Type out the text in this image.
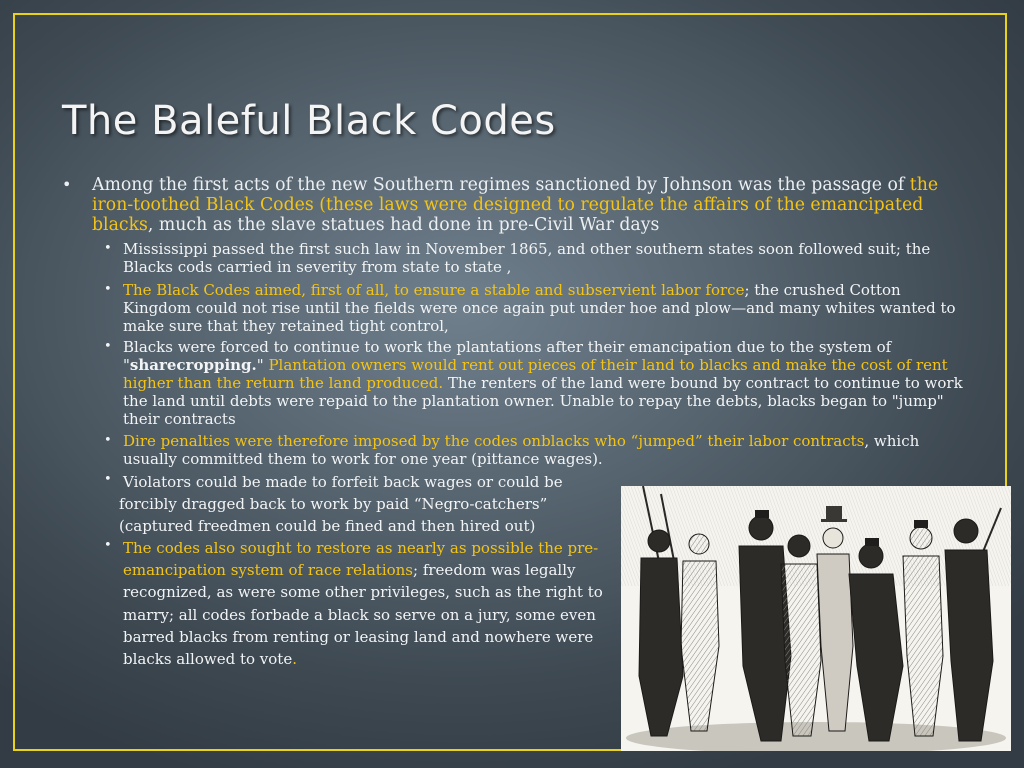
The Baleful Black Codes
•	Among the first acts of the new Southern regimes sanctioned by Johnson was the passage of the iron-toothed Black Codes (these laws were designed to regulate the affairs of the emancipated blacks, much as the slave statues had done in pre-Civil War days
• Mississippi passed the first such law in November 1865, and other southern states soon followed suit; the Blacks cods carried in severity from state to state ,
• The Black Codes aimed, first of all, to ensure a stable and subservient labor force; the crushed Cotton Kingdom could not rise until the fields were once again put under hoe and plow—and many whites wanted to make sure that they retained tight control,
• Blacks were forced to continue to work the plantations after their emancipation due to the system of "sharecropping." Plantation owners would rent out pieces of their land to blacks and make the cost of rent higher than the return the land produced. The renters of the land were bound by contract to continue to work the land until debts were repaid to the plantation owner. Unable to repay the debts, blacks began to "jump" their contracts
• Dire penalties were therefore imposed by the codes onblacks who “jumped” their labor contracts, which usually committed them to work for one year (pittance wages).
• Violators could be made to forfeit back wages or could be
forcibly dragged back to work by paid “Negro-catchers”
(captured freedmen could be fined and then hired out)
• The codes also sought to restore as nearly as possible the pre-emancipation system of race relations; freedom was legally recognized, as were some other privileges, such as the right to marry; all codes forbade a black so serve on a jury, some even barred blacks from renting or leasing land and nowhere were blacks allowed to vote.
